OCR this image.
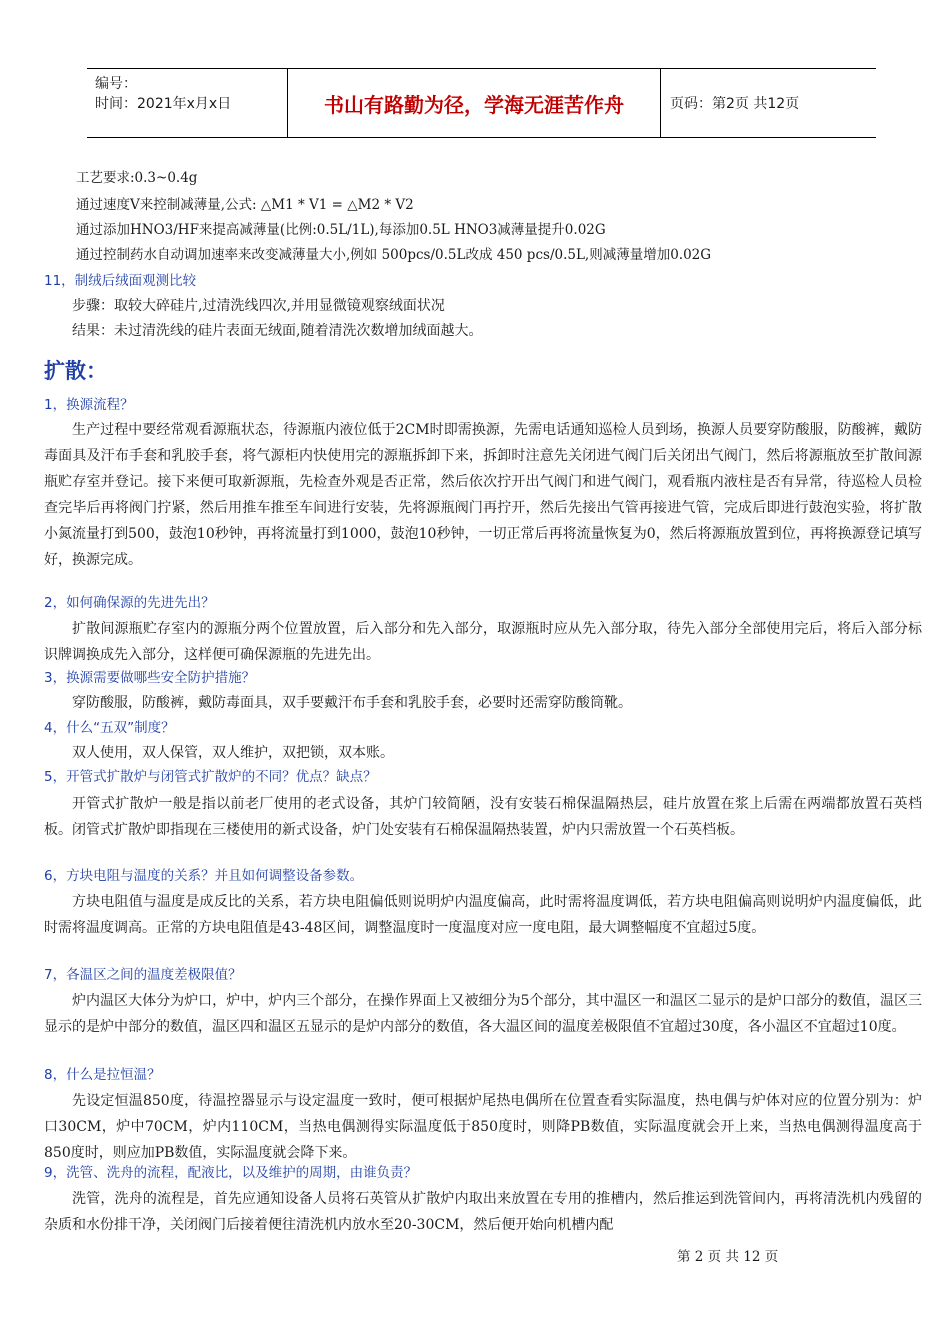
编号：
时间：2021年x月x日	书山有路勤为径，学海无涯苦作舟	页码：第2页 共12页
工艺要求:0.3~0.4g
通过速度V来控制减薄量,公式: △M1 * V1 = △M2 * V2
通过添加HNO3/HF来提高减薄量(比例:0.5L/1L),每添加0.5L HNO3减薄量提升0.02G
通过控制药水自动调加速率来改变减薄量大小,例如 500pcs/0.5L改成 450 pcs/0.5L,则减薄量增加0.02G
11，制绒后绒面观测比较
步骤：取较大碎硅片,过清洗线四次,并用显微镜观察绒面状况
结果：未过清洗线的硅片表面无绒面,随着清洗次数增加绒面越大。
扩散：
1，换源流程？
生产过程中要经常观看源瓶状态，待源瓶内液位低于2CM时即需换源，先需电话通知巡检人员到场，换源人员要穿防酸服，防酸裤，戴防毒面具及汗布手套和乳胶手套，将气源柜内快使用完的源瓶拆卸下来，拆卸时注意先关闭进气阀门后关闭出气阀门，然后将源瓶放至扩散间源瓶贮存室并登记。接下来便可取新源瓶，先检查外观是否正常，然后依次拧开出气阀门和进气阀门，观看瓶内液柱是否有异常，待巡检人员检查完毕后再将阀门拧紧，然后用推车推至车间进行安装，先将源瓶阀门再拧开，然后先接出气管再接进气管，完成后即进行鼓泡实验，将扩散小氮流量打到500，鼓泡10秒钟，再将流量打到1000，鼓泡10秒钟，一切正常后再将流量恢复为0，然后将源瓶放置到位，再将换源登记填写好，换源完成。
2，如何确保源的先进先出？
扩散间源瓶贮存室内的源瓶分两个位置放置，后入部分和先入部分，取源瓶时应从先入部分取，待先入部分全部使用完后，将后入部分标识牌调换成先入部分，这样便可确保源瓶的先进先出。
3，换源需要做哪些安全防护措施？
穿防酸服，防酸裤，戴防毒面具，双手要戴汗布手套和乳胶手套，必要时还需穿防酸筒靴。
4，什么“五双”制度？
双人使用，双人保管，双人维护，双把锁，双本账。
5，开管式扩散炉与闭管式扩散炉的不同？优点？缺点？
开管式扩散炉一般是指以前老厂使用的老式设备，其炉门较简陋，没有安装石棉保温隔热层，硅片放置在浆上后需在两端都放置石英档板。闭管式扩散炉即指现在三楼使用的新式设备，炉门处安装有石棉保温隔热装置，炉内只需放置一个石英档板。
6，方块电阻与温度的关系？并且如何调整设备参数。
方块电阻值与温度是成反比的关系，若方块电阻偏低则说明炉内温度偏高，此时需将温度调低，若方块电阻偏高则说明炉内温度偏低，此时需将温度调高。正常的方块电阻值是43-48区间，调整温度时一度温度对应一度电阻，最大调整幅度不宜超过5度。
7，各温区之间的温度差极限值？
炉内温区大体分为炉口，炉中，炉内三个部分，在操作界面上又被细分为5个部分，其中温区一和温区二显示的是炉口部分的数值，温区三显示的是炉中部分的数值，温区四和温区五显示的是炉内部分的数值，各大温区间的温度差极限值不宜超过30度，各小温区不宜超过10度。
8，什么是拉恒温？
先设定恒温850度，待温控器显示与设定温度一致时，便可根据炉尾热电偶所在位置查看实际温度，热电偶与炉体对应的位置分别为：炉口30CM，炉中70CM，炉内110CM，当热电偶测得实际温度低于850度时，则降PB数值，实际温度就会开上来，当热电偶测得温度高于850度时，则应加PB数值，实际温度就会降下来。
9，洗管、洗舟的流程，配液比，以及维护的周期，由谁负责？
洗管，洗舟的流程是，首先应通知设备人员将石英管从扩散炉内取出来放置在专用的推槽内，然后推运到洗管间内，再将清洗机内残留的杂质和水份排干净，关闭阀门后接着便往清洗机内放水至20-30CM，然后便开始向机槽内配
第 2 页 共 12 页
